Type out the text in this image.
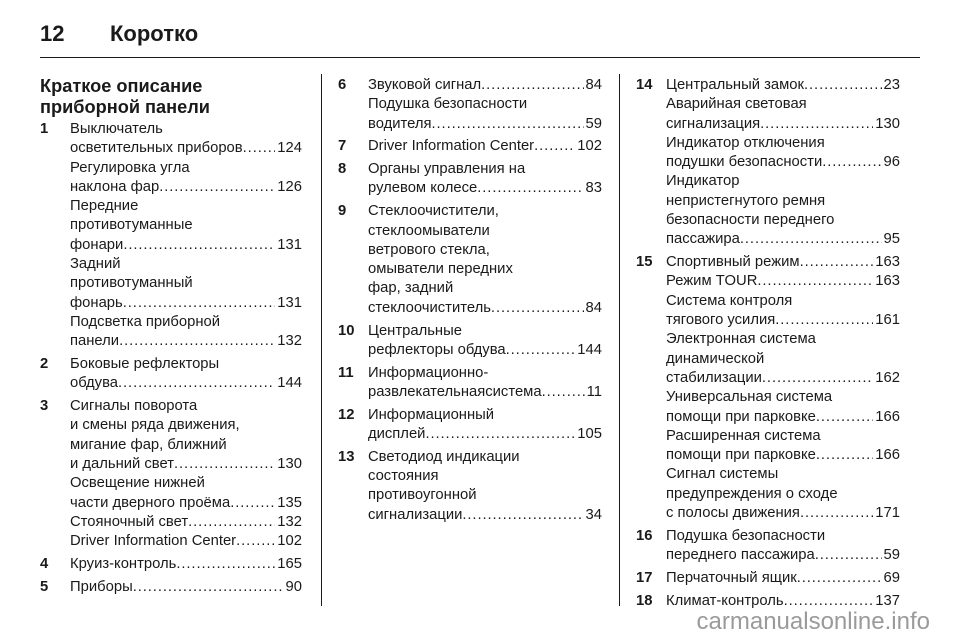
12	Коротко
Краткое описание
приборной панели
1	Выключатель
осветительных приборов . . . 124
Регулировка угла
наклона фар . . .	126
Передние
противотуманные
фонари . . .	131
Задний
противотуманный
фонарь . . .	131
Подсветка приборной
панели . . .	132
2	Боковые рефлекторы
обдува . . .	144
3	Сигналы поворота
и смены ряда движения,
мигание фар, ближний
и дальний свет . . .	130
Освещение нижней
части дверного проёма . . .	135
Стояночный свет . . .	132
Driver Information Center . . .	102
4	Круиз-контроль . . .	165
5	Приборы . . .	90
6	Звуковой сигнал . . .	84
Подушка безопасности
водителя . . .	59
7	Driver Information Center . . .	102
8	Органы управления на
рулевом колесе . . .	83
9	Стеклоочистители,
стеклоомыватели
ветрового стекла,
омыватели передних
фар, задний
стеклоочиститель . . .	84
10 Центральные
рефлекторы обдува . . .	144
11 Информационно-
развлекательнаясистема . . .	11
12 Информационный
дисплей . . .	105
13 Светодиод индикации
состояния
противоугонной
сигнализации . . .	34
14 Центральный замок . . .	23
Аварийная световая
сигнализация . . .	130
Индикатор отключения
подушки безопасности . . .	96
Индикатор
непристегнутого ремня
безопасности переднего
пассажира . . .	95
15 Спортивный режим . . .	163
Режим TOUR . . .	163
Система контроля
тягового усилия . . .	161
Электронная система
динамической
стабилизации . . .	162
Универсальная система
помощи при парковке . . .	166
Расширенная система
помощи при парковке . . .	166
Сигнал системы
предупреждения о сходе
с полосы движения . . .	171
16 Подушка безопасности
переднего пассажира . . .	59
17 Перчаточный ящик . . .	69
18 Климат-контроль . . .	137
carmanualsonline.info
